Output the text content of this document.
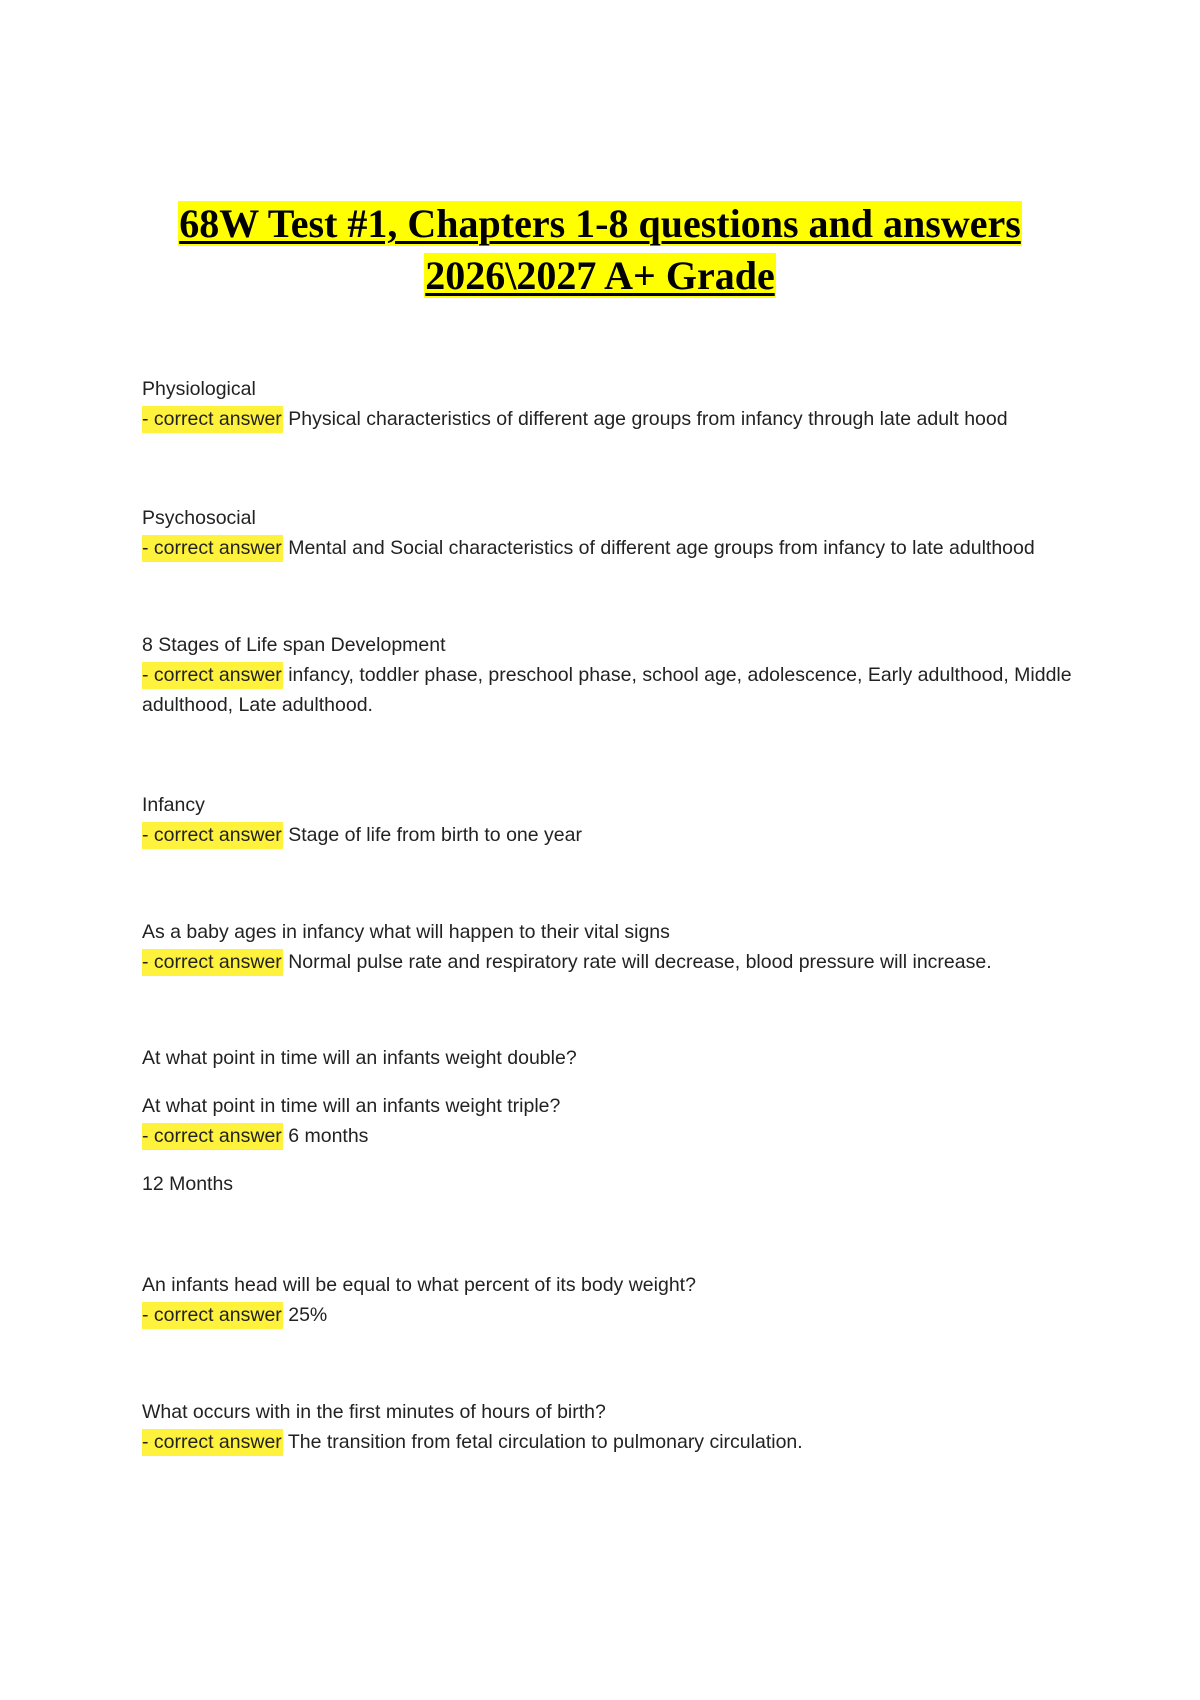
68W Test #1, Chapters 1-8 questions and answers
2026\2027 A+ Grade
Physiological
- correct answer Physical characteristics of different age groups from infancy through late adult hood
Psychosocial
- correct answer Mental and Social characteristics of different age groups from infancy to late adulthood
8 Stages of Life span Development
- correct answer infancy, toddler phase, preschool phase, school age, adolescence, Early adulthood, Middle adulthood, Late adulthood.
Infancy
- correct answer Stage of life from birth to one year
As a baby ages in infancy what will happen to their vital signs
- correct answer Normal pulse rate and respiratory rate will decrease, blood pressure will increase.
At what point in time will an infants weight double?
At what point in time will an infants weight triple?
- correct answer 6 months
12 Months
An infants head will be equal to what percent of its body weight?
- correct answer 25%
What occurs with in the first minutes of hours of birth?
- correct answer The transition from fetal circulation to pulmonary circulation.
